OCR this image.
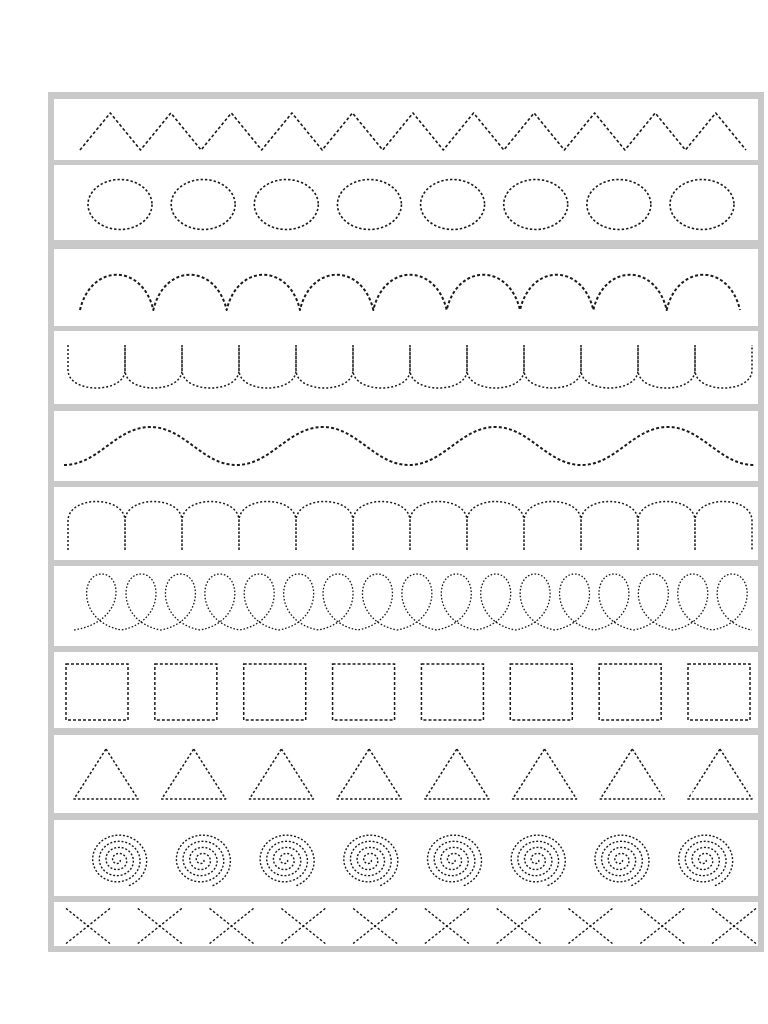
www.fiche-maternelle.com
